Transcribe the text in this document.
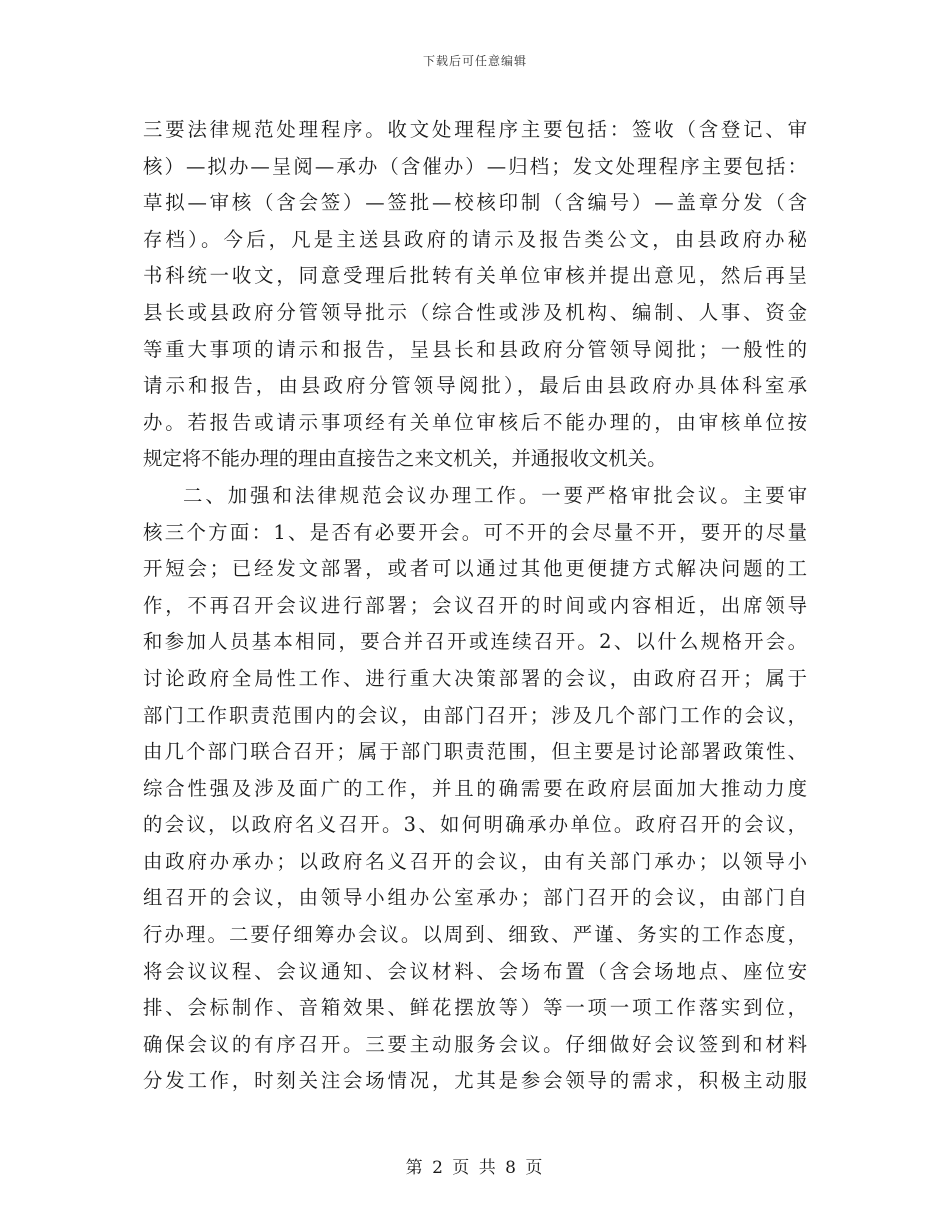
下载后可任意编辑
三要法律规范处理程序。收文处理程序主要包括：签收（含登记、审
核）—拟办—呈阅—承办（含催办）—归档；发文处理程序主要包括：
草拟—审核（含会签）—签批—校核印制（含编号）—盖章分发（含
存档）。今后，凡是主送县政府的请示及报告类公文，由县政府办秘
书科统一收文，同意受理后批转有关单位审核并提出意见，然后再呈
县长或县政府分管领导批示（综合性或涉及机构、编制、人事、资金
等重大事项的请示和报告，呈县长和县政府分管领导阅批；一般性的
请示和报告，由县政府分管领导阅批），最后由县政府办具体科室承
办。若报告或请示事项经有关单位审核后不能办理的，由审核单位按
规定将不能办理的理由直接告之来文机关，并通报收文机关。
二、加强和法律规范会议办理工作。一要严格审批会议。主要审
核三个方面：1、是否有必要开会。可不开的会尽量不开，要开的尽量
开短会；已经发文部署，或者可以通过其他更便捷方式解决问题的工
作，不再召开会议进行部署；会议召开的时间或内容相近，出席领导
和参加人员基本相同，要合并召开或连续召开。2、以什么规格开会。
讨论政府全局性工作、进行重大决策部署的会议，由政府召开；属于
部门工作职责范围内的会议，由部门召开；涉及几个部门工作的会议，
由几个部门联合召开；属于部门职责范围，但主要是讨论部署政策性、
综合性强及涉及面广的工作，并且的确需要在政府层面加大推动力度
的会议，以政府名义召开。3、如何明确承办单位。政府召开的会议，
由政府办承办；以政府名义召开的会议，由有关部门承办；以领导小
组召开的会议，由领导小组办公室承办；部门召开的会议，由部门自
行办理。二要仔细筹办会议。以周到、细致、严谨、务实的工作态度，
将会议议程、会议通知、会议材料、会场布置（含会场地点、座位安
排、会标制作、音箱效果、鲜花摆放等）等一项一项工作落实到位，
确保会议的有序召开。三要主动服务会议。仔细做好会议签到和材料
分发工作，时刻关注会场情况，尤其是参会领导的需求，积极主动服
第 2 页 共 8 页
